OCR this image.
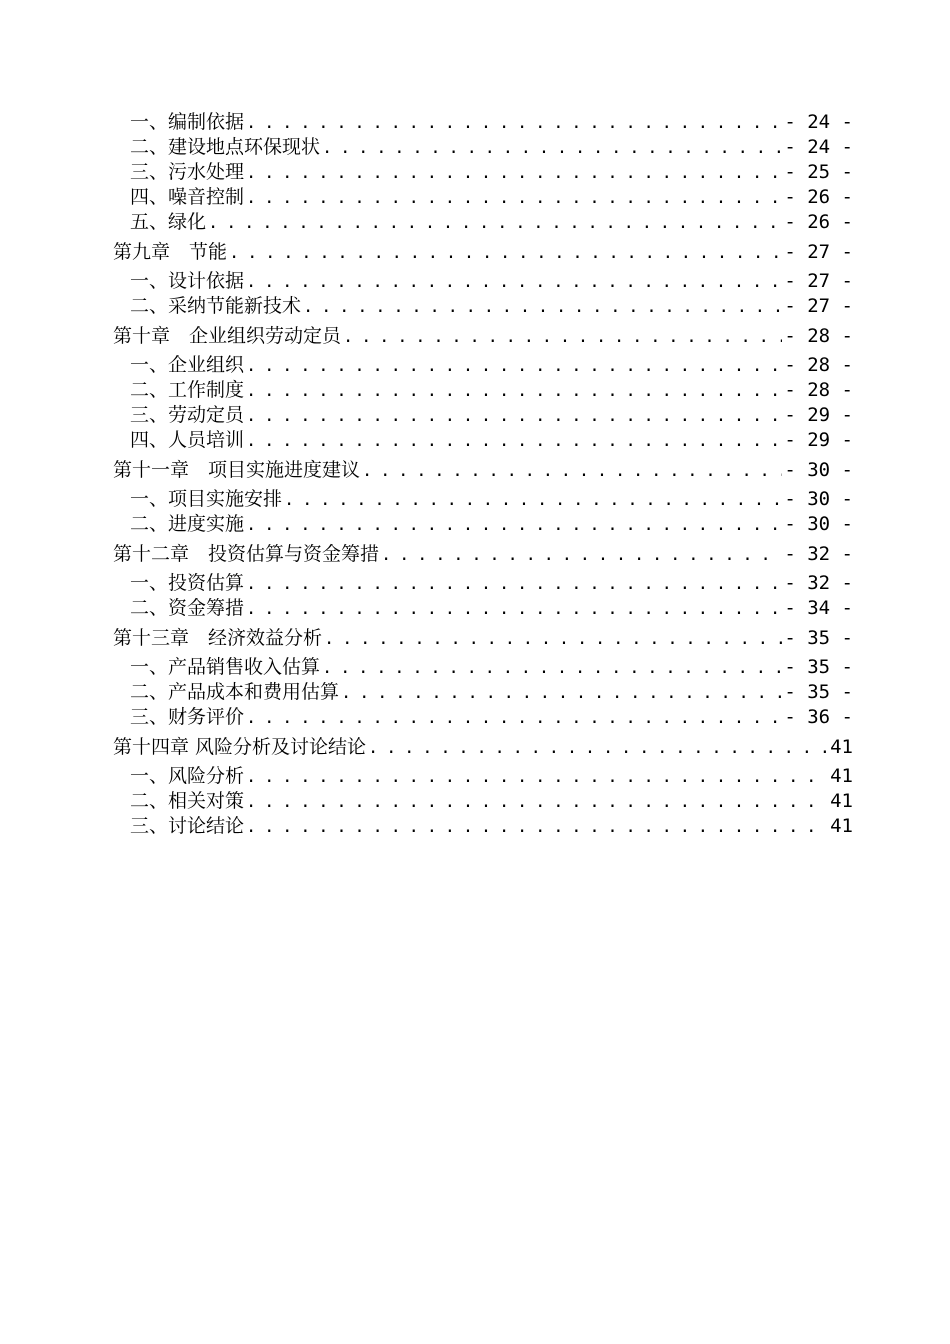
一、编制依据 . . .	- 24 -
二、建设地点环保现状 . . .	- 24 -
三、污水处理 . . .	- 25 -
四、噪音控制 . . .	- 26 -
五、绿化 . . .	- 26 -
第九章　节能 . . .	- 27 -
一、设计依据 . . .	- 27 -
二、采纳节能新技术 . . .	- 27 -
第十章　企业组织劳动定员 . . .	- 28 -
一、企业组织 . . .	- 28 -
二、工作制度 . . .	- 28 -
三、劳动定员 . . .	- 29 -
四、人员培训 . . .	- 29 -
第十一章　项目实施进度建议 . . .	- 30 -
一、项目实施安排 . . .	- 30 -
二、进度实施 . . .	- 30 -
第十二章　投资估算与资金筹措 . . .	- 32 -
一、投资估算 . . .	- 32 -
二、资金筹措 . . .	- 34 -
第十三章　经济效益分析 . . .	- 35 -
一、产品销售收入估算 . . .	- 35 -
二、产品成本和费用估算 . . .	- 35 -
三、财务评价 . . .	- 36 -
第十四章 风险分析及讨论结论 . . .	41
一、风险分析 . . .	41
二、相关对策 . . .	41
三、讨论结论 . . .	41
